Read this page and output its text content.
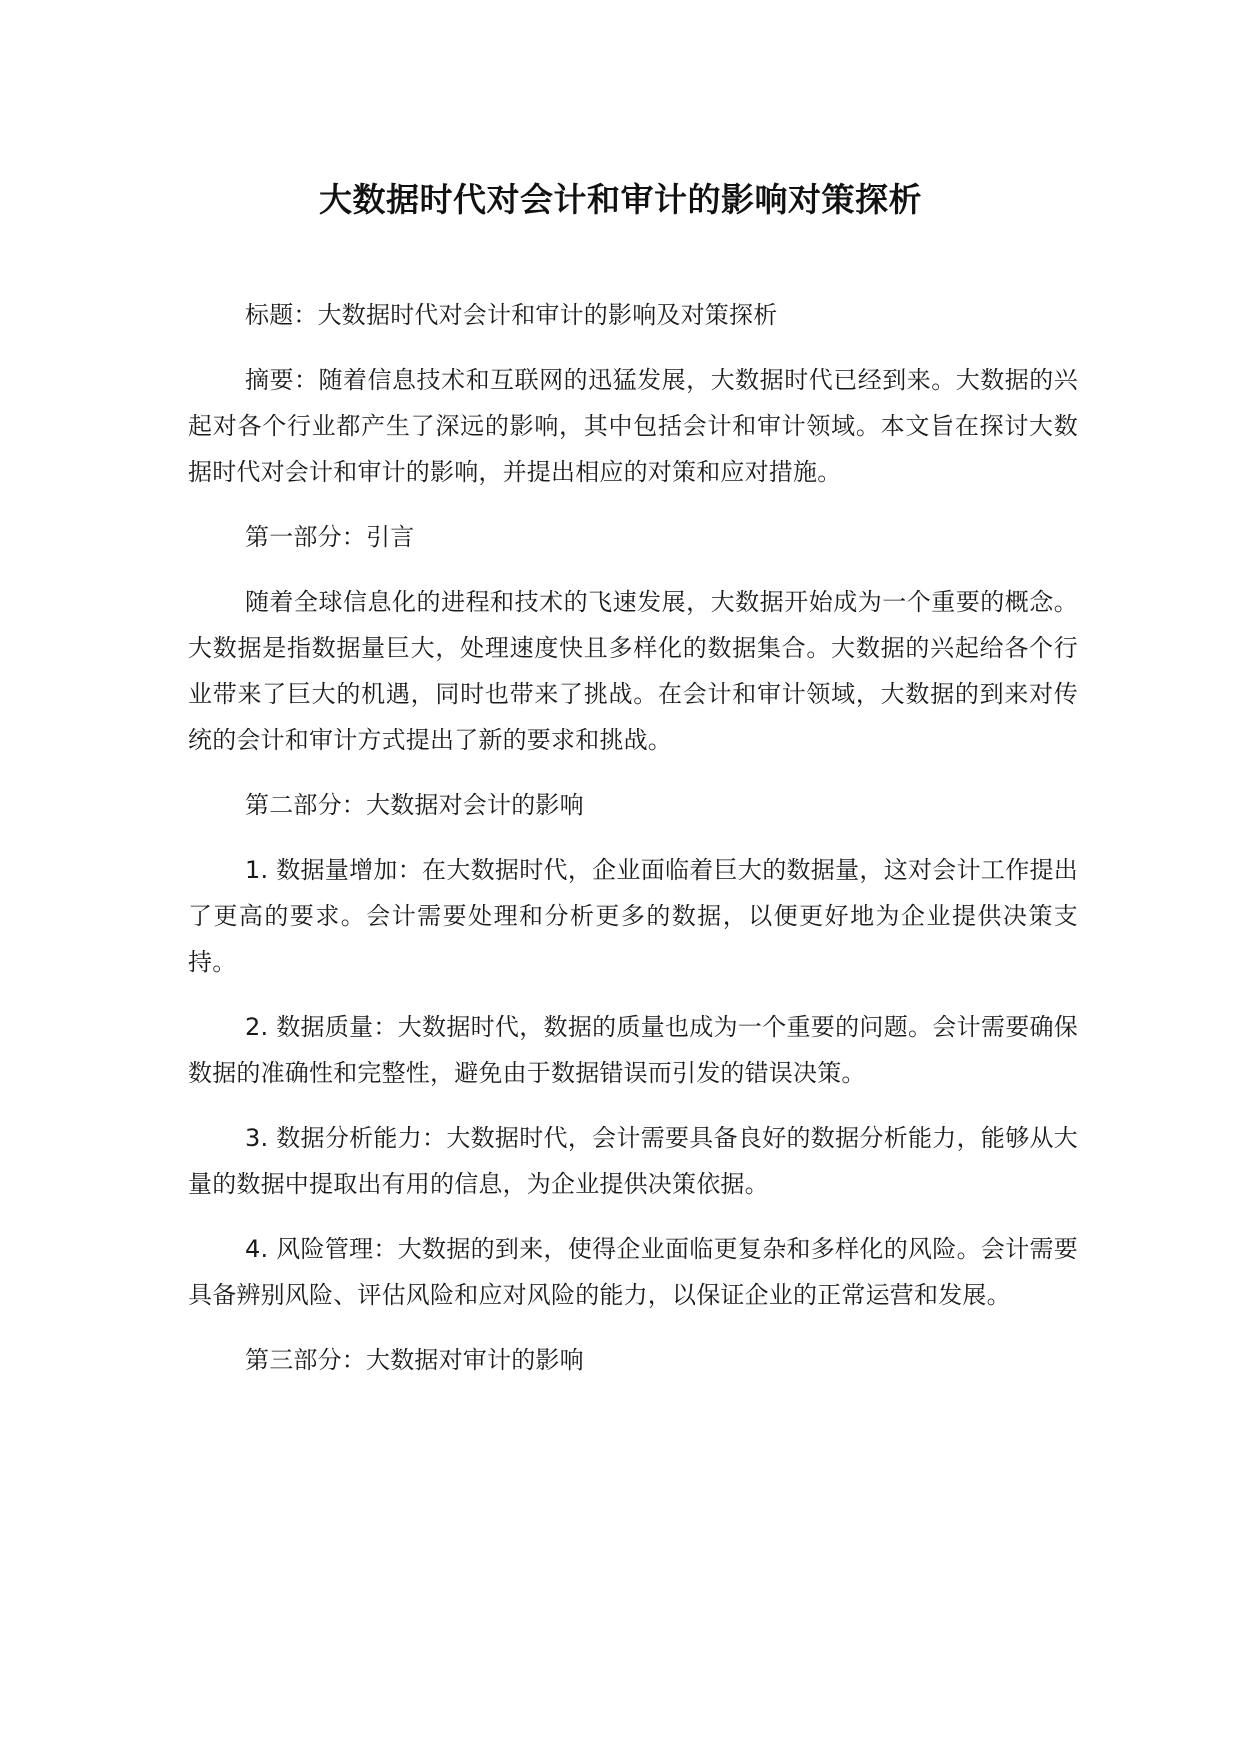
大数据时代对会计和审计的影响对策探析

标题：大数据时代对会计和审计的影响及对策探析

摘要：随着信息技术和互联网的迅猛发展，大数据时代已经到来。大数据的兴起对各个行业都产生了深远的影响，其中包括会计和审计领域。本文旨在探讨大数据时代对会计和审计的影响，并提出相应的对策和应对措施。

第一部分：引言

随着全球信息化的进程和技术的飞速发展，大数据开始成为一个重要的概念。大数据是指数据量巨大，处理速度快且多样化的数据集合。大数据的兴起给各个行业带来了巨大的机遇，同时也带来了挑战。在会计和审计领域，大数据的到来对传统的会计和审计方式提出了新的要求和挑战。

第二部分：大数据对会计的影响

1. 数据量增加：在大数据时代，企业面临着巨大的数据量，这对会计工作提出了更高的要求。会计需要处理和分析更多的数据，以便更好地为企业提供决策支持。

2. 数据质量：大数据时代，数据的质量也成为一个重要的问题。会计需要确保数据的准确性和完整性，避免由于数据错误而引发的错误决策。

3. 数据分析能力：大数据时代，会计需要具备良好的数据分析能力，能够从大量的数据中提取出有用的信息，为企业提供决策依据。

4. 风险管理：大数据的到来，使得企业面临更复杂和多样化的风险。会计需要具备辨别风险、评估风险和应对风险的能力，以保证企业的正常运营和发展。

第三部分：大数据对审计的影响
